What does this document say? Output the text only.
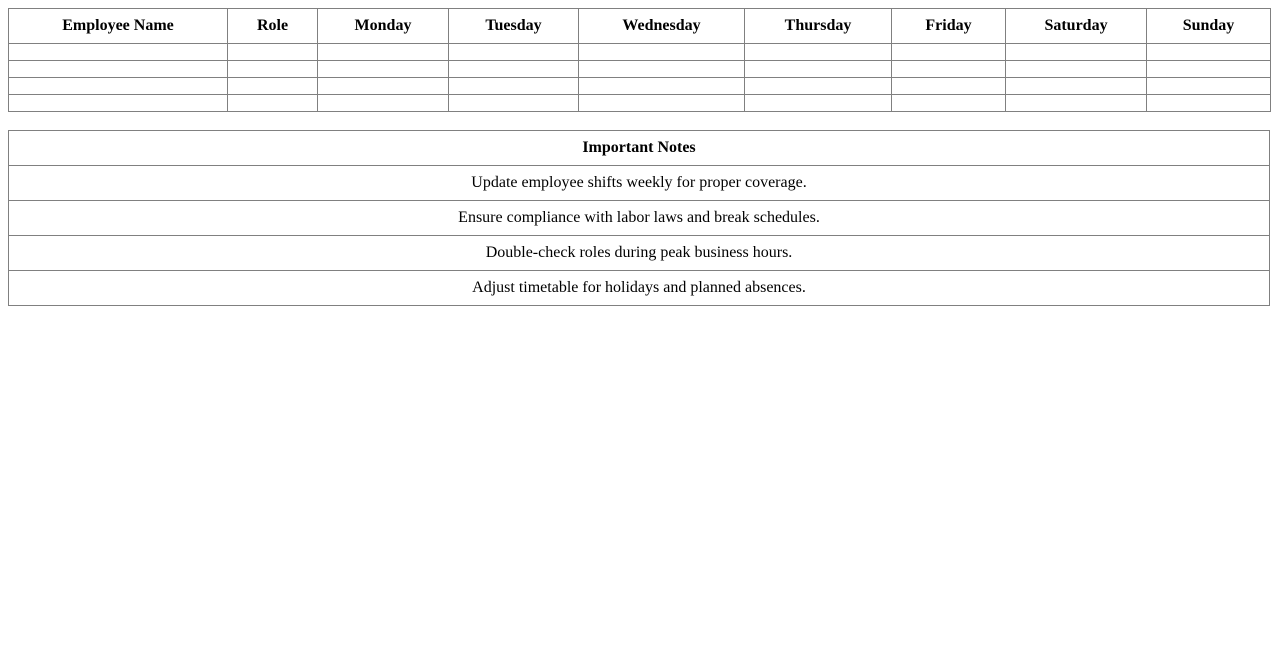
Employee Name	Role	Monday	Tuesday	Wednesday	Thursday	Friday	Saturday	Sunday

Important Notes
Update employee shifts weekly for proper coverage.
Ensure compliance with labor laws and break schedules.
Double-check roles during peak business hours.
Adjust timetable for holidays and planned absences.
